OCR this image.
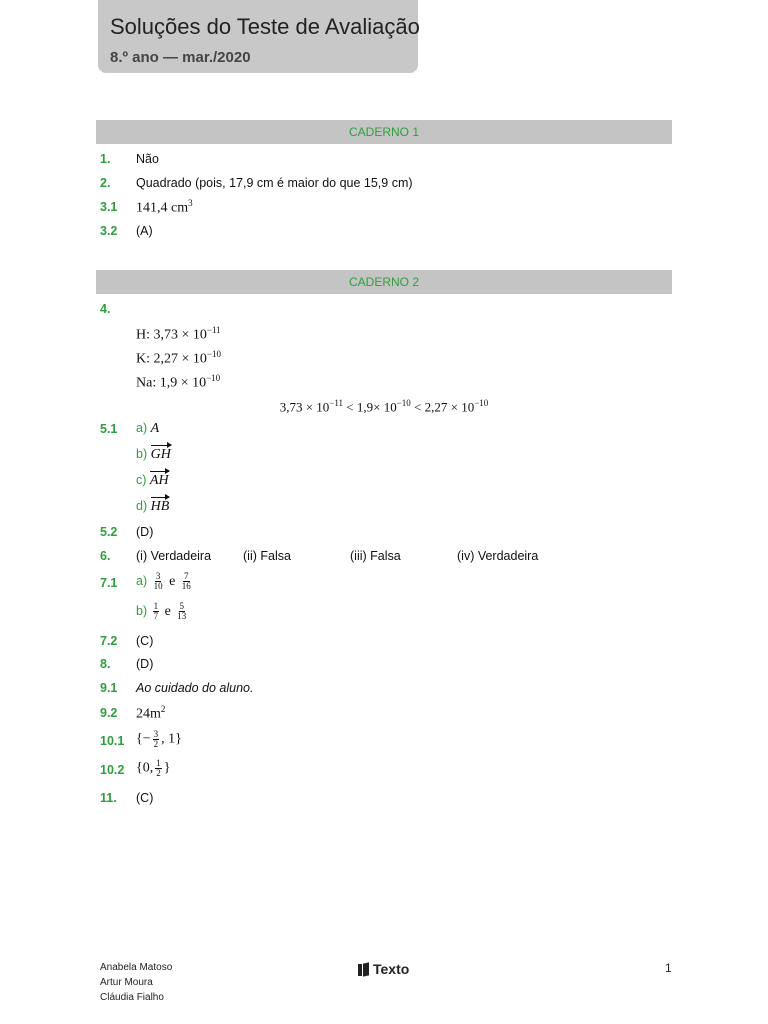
Soluções do Teste de Avaliação
8.º ano — mar./2020
CADERNO 1
1. Não
2. Quadrado (pois, 17,9 cm é maior do que 15,9 cm)
3.1 141,4 $cm^3$
3.2 (A)
CADERNO 2
4.
H: $3,73 \times 10^{-11}$
K: $2,27 \times 10^{-10}$
Na: $1,9 \times 10^{-10}$
$3,73 \times 10^{-11} < 1,9\times 10^{-10} < 2,27 \times 10^{-10}$
5.1 a) A
b) GH
c) AH
d) HB
5.2 (D)
6. (i) Verdadeira	(ii) Falsa	(iii) Falsa	(iv) Verdadeira
7.1 $a) \frac{3}{10}$ e $\frac{7}{16}$
$b) \frac{1}{7}$ e $\frac{5}{13}$
7.2 (C)
8. (D)
9.1 Ao cuidado do aluno.
9.2 $24m^2$
10.1 {− $\frac{3}{2}$ , 1}
10.2 {0, $\frac{1}{2}$ }
11. (C)
Anabela Matoso
Artur Moura
Cláudia Fialho
Texto	1
